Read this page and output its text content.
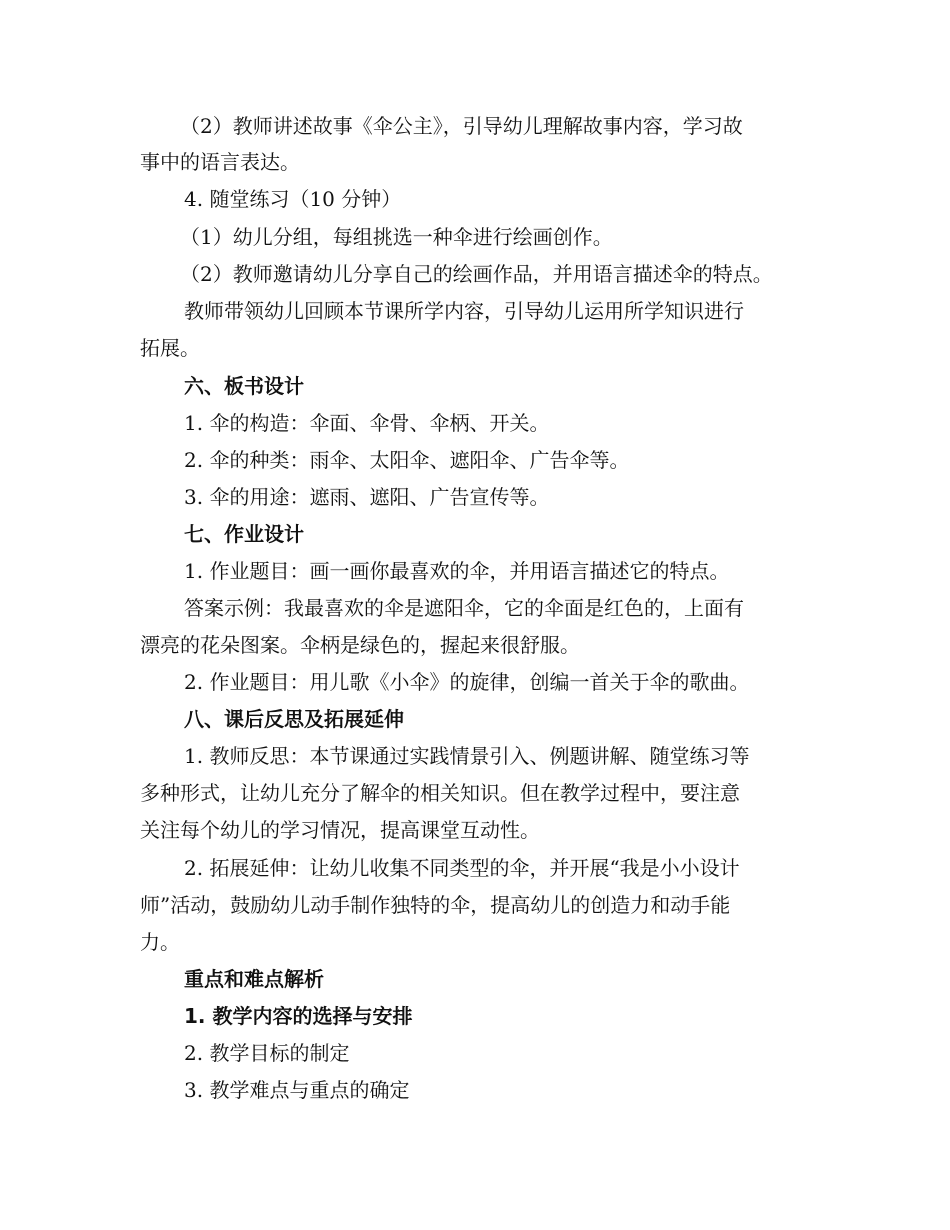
（2）教师讲述故事《伞公主》，引导幼儿理解故事内容，学习故
事中的语言表达。
4. 随堂练习（10 分钟）
（1）幼儿分组，每组挑选一种伞进行绘画创作。
（2）教师邀请幼儿分享自己的绘画作品，并用语言描述伞的特点。
教师带领幼儿回顾本节课所学内容，引导幼儿运用所学知识进行
拓展。
六、板书设计
1. 伞的构造：伞面、伞骨、伞柄、开关。
2. 伞的种类：雨伞、太阳伞、遮阳伞、广告伞等。
3. 伞的用途：遮雨、遮阳、广告宣传等。
七、作业设计
1. 作业题目：画一画你最喜欢的伞，并用语言描述它的特点。
答案示例：我最喜欢的伞是遮阳伞，它的伞面是红色的，上面有
漂亮的花朵图案。伞柄是绿色的，握起来很舒服。
2. 作业题目：用儿歌《小伞》的旋律，创编一首关于伞的歌曲。
八、课后反思及拓展延伸
1. 教师反思：本节课通过实践情景引入、例题讲解、随堂练习等
多种形式，让幼儿充分了解伞的相关知识。但在教学过程中，要注意
关注每个幼儿的学习情况，提高课堂互动性。
2. 拓展延伸：让幼儿收集不同类型的伞，并开展“我是小小设计
师”活动，鼓励幼儿动手制作独特的伞，提高幼儿的创造力和动手能
力。
重点和难点解析
1. 教学内容的选择与安排
2. 教学目标的制定
3. 教学难点与重点的确定
